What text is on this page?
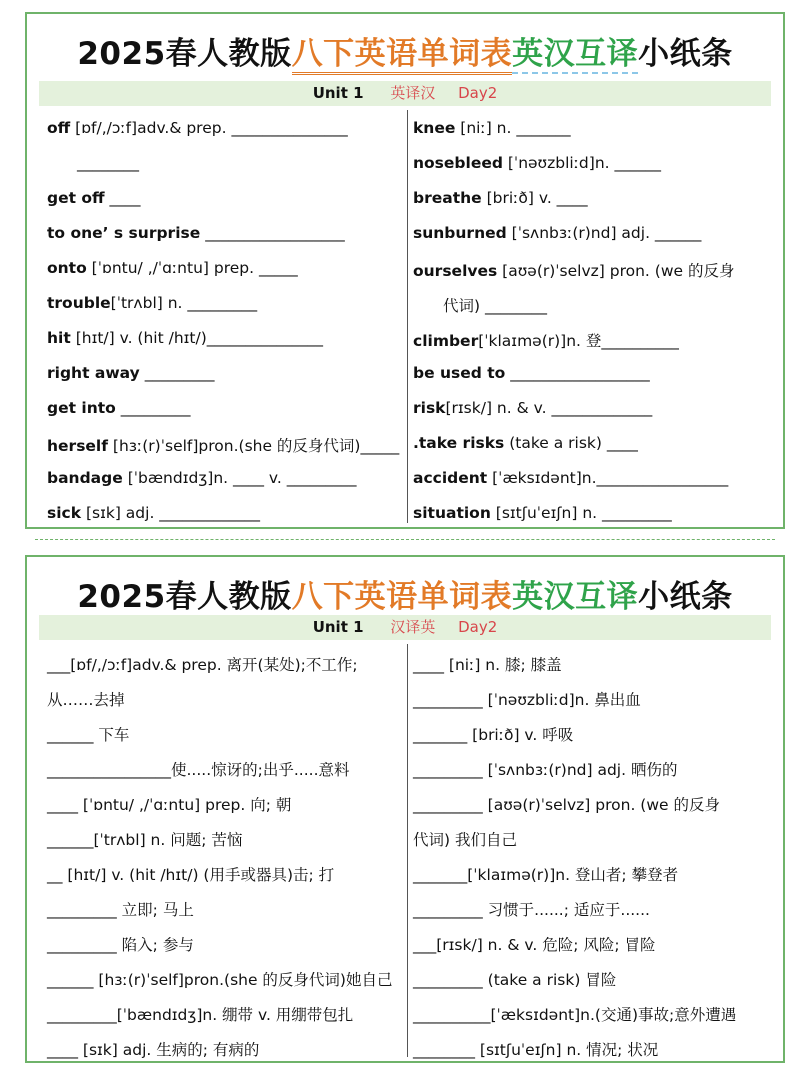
2025春人教版八下英语单词表英汉互译小纸条
Unit 1 英译汉 Day2
off [ɒf/,/ɔːf]adv.& prep. _______________
________
get off ____
to one’ s surprise __________________
onto [ˈɒntu/ ,/ˈɑːntu] prep. _____
trouble[ˈtrʌbl] n. _________
hit [hɪt/] v. (hit /hɪt/)_______________
right away _________
get into _________
herself [hɜː(r)ˈself]pron.(she 的反身代词)_____
bandage [ˈbændɪdʒ]n. ____ v. _________
sick [sɪk] adj. _____________
knee [niː] n. _______
nosebleed [ˈnəʊzbliːd]n. ______
breathe [briːð] v. ____
sunburned [ˈsʌnbɜː(r)nd] adj. ______
ourselves [aʊə(r)ˈselvz] pron. (we 的反身
代词) ________
climber[ˈklaɪmə(r)]n. 登__________
be used to __________________
risk[rɪsk/] n. & v. _____________
.take risks (take a risk) ____
accident [ˈæksɪdənt]n._________________
situation [sɪtʃuˈeɪʃn] n. _________
2025春人教版八下英语单词表英汉互译小纸条
Unit 1 汉译英 Day2
___[ɒf/,/ɔːf]adv.& prep. 离开(某处);不工作;
从……去掉
______ 下车
________________使.....惊讶的;出乎.....意料
____ [ˈɒntu/ ,/ˈɑːntu] prep. 向; 朝
______[ˈtrʌbl] n. 问题; 苦恼
__ [hɪt/] v. (hit /hɪt/) (用手或器具)击; 打
_________ 立即; 马上
_________ 陷入; 参与
______ [hɜː(r)ˈself]pron.(she 的反身代词)她自己
_________[ˈbændɪdʒ]n. 绷带 v. 用绷带包扎
____ [sɪk] adj. 生病的; 有病的
____ [niː] n. 膝; 膝盖
_________ [ˈnəʊzbliːd]n. 鼻出血
_______ [briːð] v. 呼吸
_________ [ˈsʌnbɜː(r)nd] adj. 晒伤的
_________ [aʊə(r)ˈselvz] pron. (we 的反身
代词) 我们自己
_______[ˈklaɪmə(r)]n. 登山者; 攀登者
_________ 习惯于......; 适应于......
___[rɪsk/] n. & v. 危险; 风险; 冒险
_________ (take a risk) 冒险
__________[ˈæksɪdənt]n.(交通)事故;意外遭遇
________ [sɪtʃuˈeɪʃn] n. 情况; 状况
